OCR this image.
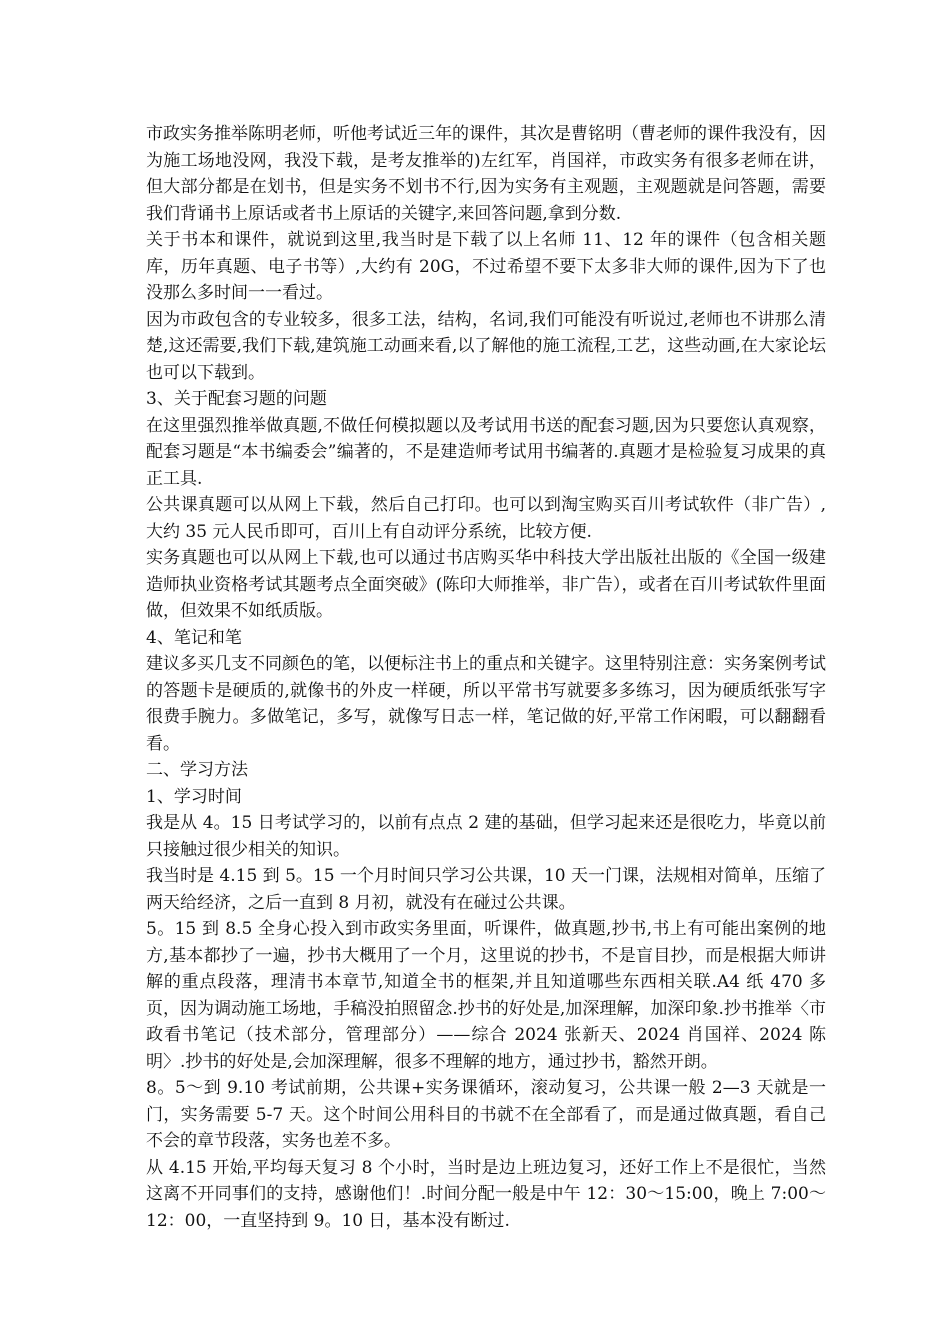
市政实务推举陈明老师，听他考试近三年的课件，其次是曹铭明（曹老师的课件我没有，因为施工场地没网，我没下载，是考友推举的)左红军，肖国祥，市政实务有很多老师在讲，但大部分都是在划书，但是实务不划书不行,因为实务有主观题，主观题就是问答题，需要我们背诵书上原话或者书上原话的关键字,来回答问题,拿到分数.

关于书本和课件，就说到这里,我当时是下载了以上名师 11、12 年的课件（包含相关题库，历年真题、电子书等）,大约有 20G，不过希望不要下太多非大师的课件,因为下了也没那么多时间一一看过。

因为市政包含的专业较多，很多工法，结构，名词,我们可能没有听说过,老师也不讲那么清楚,这还需要,我们下载,建筑施工动画来看,以了解他的施工流程,工艺，这些动画,在大家论坛也可以下载到。

3、关于配套习题的问题

在这里强烈推举做真题,不做任何模拟题以及考试用书送的配套习题,因为只要您认真观察，配套习题是“本书编委会”编著的，不是建造师考试用书编著的.真题才是检验复习成果的真正工具.

公共课真题可以从网上下载，然后自己打印。也可以到淘宝购买百川考试软件（非广告）,大约 35 元人民币即可，百川上有自动评分系统，比较方便.

实务真题也可以从网上下载,也可以通过书店购买华中科技大学出版社出版的《全国一级建造师执业资格考试其题考点全面突破》(陈印大师推举，非广告），或者在百川考试软件里面做，但效果不如纸质版。

4、笔记和笔

建议多买几支不同颜色的笔，以便标注书上的重点和关键字。这里特别注意：实务案例考试的答题卡是硬质的,就像书的外皮一样硬，所以平常书写就要多多练习，因为硬质纸张写字很费手腕力。多做笔记，多写，就像写日志一样，笔记做的好,平常工作闲暇，可以翻翻看看。

二、学习方法

1、学习时间

我是从 4。15 日考试学习的，以前有点点 2 建的基础，但学习起来还是很吃力，毕竟以前只接触过很少相关的知识。

我当时是 4.15 到 5。15 一个月时间只学习公共课，10 天一门课，法规相对简单，压缩了两天给经济，之后一直到 8 月初，就没有在碰过公共课。

5。15 到 8.5 全身心投入到市政实务里面，听课件，做真题,抄书,书上有可能出案例的地方,基本都抄了一遍，抄书大概用了一个月，这里说的抄书，不是盲目抄，而是根据大师讲解的重点段落，理清书本章节,知道全书的框架,并且知道哪些东西相关联.A4 纸 470 多页，因为调动施工场地，手稿没拍照留念.抄书的好处是,加深理解，加深印象.抄书推举〈市政看书笔记（技术部分，管理部分）——综合 2024 张新天、2024 肖国祥、2024 陈明〉.抄书的好处是,会加深理解，很多不理解的地方，通过抄书，豁然开朗。

8。5～到 9.10 考试前期，公共课+实务课循环，滚动复习，公共课一般 2—3 天就是一门，实务需要 5-7 天。这个时间公用科目的书就不在全部看了，而是通过做真题，看自己不会的章节段落，实务也差不多。

从 4.15 开始,平均每天复习 8 个小时，当时是边上班边复习，还好工作上不是很忙，当然这离不开同事们的支持，感谢他们！.时间分配一般是中午 12：30～15:00，晚上 7:00～12：00，一直坚持到 9。10 日，基本没有断过.
